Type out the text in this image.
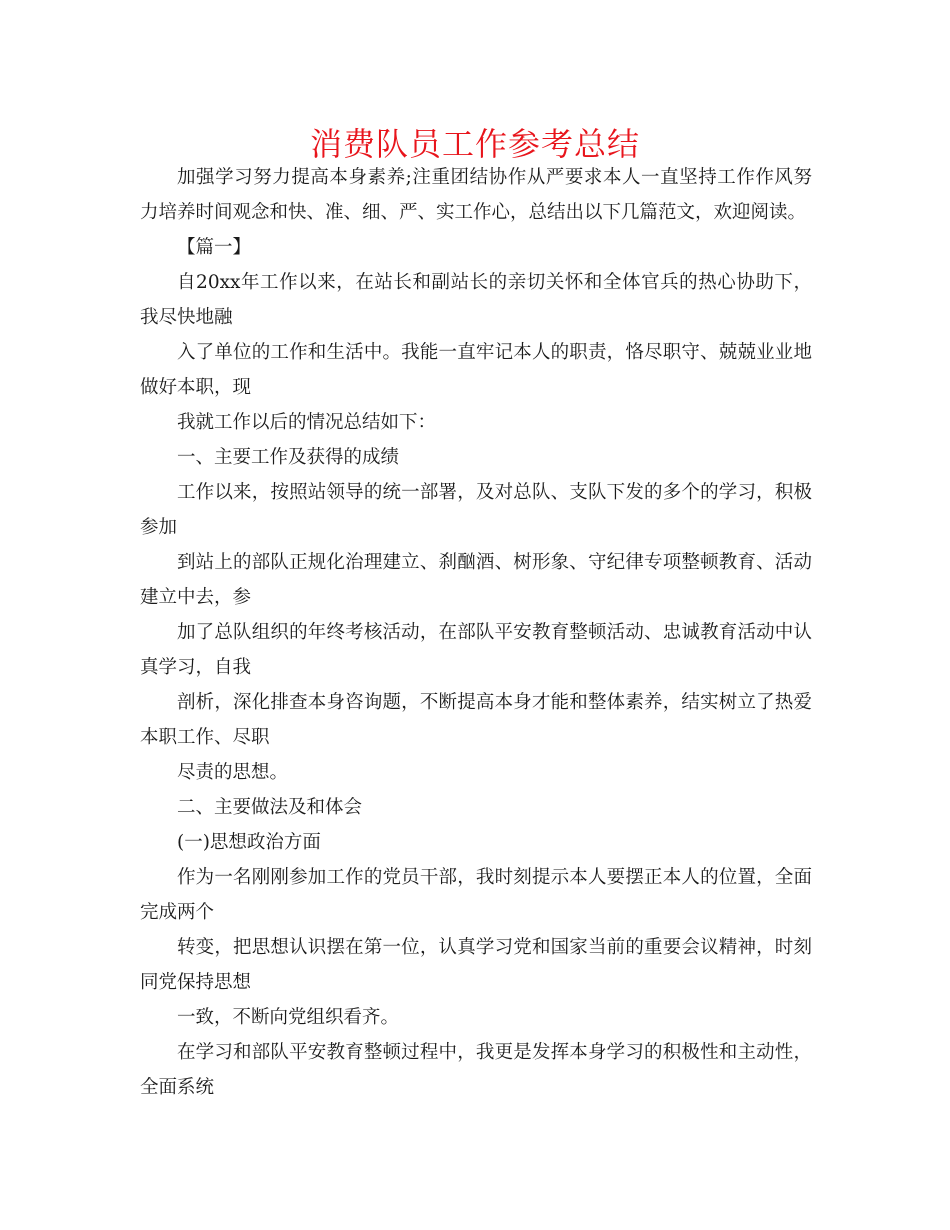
消费队员工作参考总结

加强学习努力提高本身素养;注重团结协作从严要求本人一直坚持工作作风努力培养时间观念和快、准、细、严、实工作心，总结出以下几篇范文，欢迎阅读。

【篇一】

自20xx年工作以来，在站长和副站长的亲切关怀和全体官兵的热心协助下，我尽快地融

入了单位的工作和生活中。我能一直牢记本人的职责，恪尽职守、兢兢业业地做好本职，现

我就工作以后的情况总结如下：

一、主要工作及获得的成绩

工作以来，按照站领导的统一部署，及对总队、支队下发的多个的学习，积极参加

到站上的部队正规化治理建立、刹酗酒、树形象、守纪律专项整顿教育、活动建立中去，参

加了总队组织的年终考核活动，在部队平安教育整顿活动、忠诚教育活动中认真学习，自我

剖析，深化排查本身咨询题，不断提高本身才能和整体素养，结实树立了热爱本职工作、尽职

尽责的思想。

二、主要做法及和体会

(一)思想政治方面

作为一名刚刚参加工作的党员干部，我时刻提示本人要摆正本人的位置，全面完成两个

转变，把思想认识摆在第一位，认真学习党和国家当前的重要会议精神，时刻同党保持思想

一致，不断向党组织看齐。

在学习和部队平安教育整顿过程中，我更是发挥本身学习的积极性和主动性，全面系统
